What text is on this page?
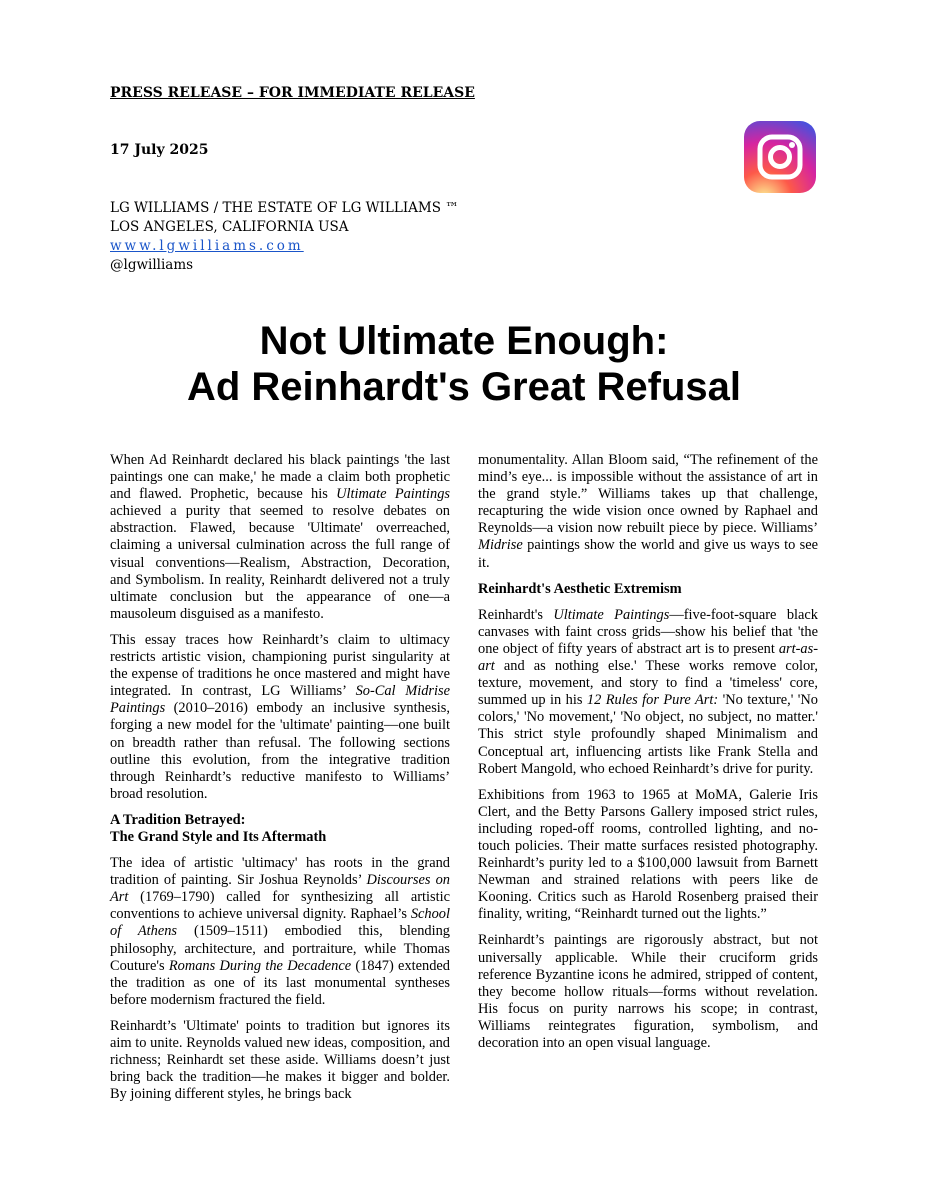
PRESS RELEASE – FOR IMMEDIATE RELEASE
17 July 2025
LG WILLIAMS / THE ESTATE OF LG WILLIAMS ™
LOS ANGELES, CALIFORNIA USA
www.lgwilliams.com
@lgwilliams
Not Ultimate Enough:
Ad Reinhardt's Great Refusal

When Ad Reinhardt declared his black paintings 'the last paintings one can make,' he made a claim both prophetic and flawed. Prophetic, because his Ultimate Paintings achieved a purity that seemed to resolve debates on abstraction. Flawed, because 'Ultimate' overreached, claiming a universal culmination across the full range of visual conventions—Realism, Abstraction, Decoration, and Symbolism. In reality, Reinhardt delivered not a truly ultimate conclusion but the appearance of one—a mausoleum disguised as a manifesto.

This essay traces how Reinhardt’s claim to ultimacy restricts artistic vision, championing purist singularity at the expense of traditions he once mastered and might have integrated. In contrast, LG Williams’ So-Cal Midrise Paintings (2010–2016) embody an inclusive synthesis, forging a new model for the 'ultimate' painting—one built on breadth rather than refusal. The following sections outline this evolution, from the integrative tradition through Reinhardt’s reductive manifesto to Williams’ broad resolution.

A Tradition Betrayed:
The Grand Style and Its Aftermath

The idea of artistic 'ultimacy' has roots in the grand tradition of painting. Sir Joshua Reynolds’ Discourses on Art (1769–1790) called for synthesizing all artistic conventions to achieve universal dignity. Raphael’s School of Athens (1509–1511) embodied this, blending philosophy, architecture, and portraiture, while Thomas Couture's Romans During the Decadence (1847) extended the tradition as one of its last monumental syntheses before modernism fractured the field.

Reinhardt’s 'Ultimate' points to tradition but ignores its aim to unite. Reynolds valued new ideas, composition, and richness; Reinhardt set these aside. Williams doesn’t just bring back the tradition—he makes it bigger and bolder. By joining different styles, he brings back

monumentality. Allan Bloom said, “The refinement of the mind’s eye... is impossible without the assistance of art in the grand style.” Williams takes up that challenge, recapturing the wide vision once owned by Raphael and Reynolds—a vision now rebuilt piece by piece. Williams’ Midrise paintings show the world and give us ways to see it.

Reinhardt's Aesthetic Extremism

Reinhardt's Ultimate Paintings—five-foot-square black canvases with faint cross grids—show his belief that 'the one object of fifty years of abstract art is to present art-as-art and as nothing else.' These works remove color, texture, movement, and story to find a 'timeless' core, summed up in his 12 Rules for Pure Art: 'No texture,' 'No colors,' 'No movement,' 'No object, no subject, no matter.' This strict style profoundly shaped Minimalism and Conceptual art, influencing artists like Frank Stella and Robert Mangold, who echoed Reinhardt’s drive for purity.

Exhibitions from 1963 to 1965 at MoMA, Galerie Iris Clert, and the Betty Parsons Gallery imposed strict rules, including roped-off rooms, controlled lighting, and no-touch policies. Their matte surfaces resisted photography. Reinhardt’s purity led to a $100,000 lawsuit from Barnett Newman and strained relations with peers like de Kooning. Critics such as Harold Rosenberg praised their finality, writing, “Reinhardt turned out the lights.”

Reinhardt’s paintings are rigorously abstract, but not universally applicable. While their cruciform grids reference Byzantine icons he admired, stripped of content, they become hollow rituals—forms without revelation. His focus on purity narrows his scope; in contrast, Williams reintegrates figuration, symbolism, and decoration into an open visual language.
